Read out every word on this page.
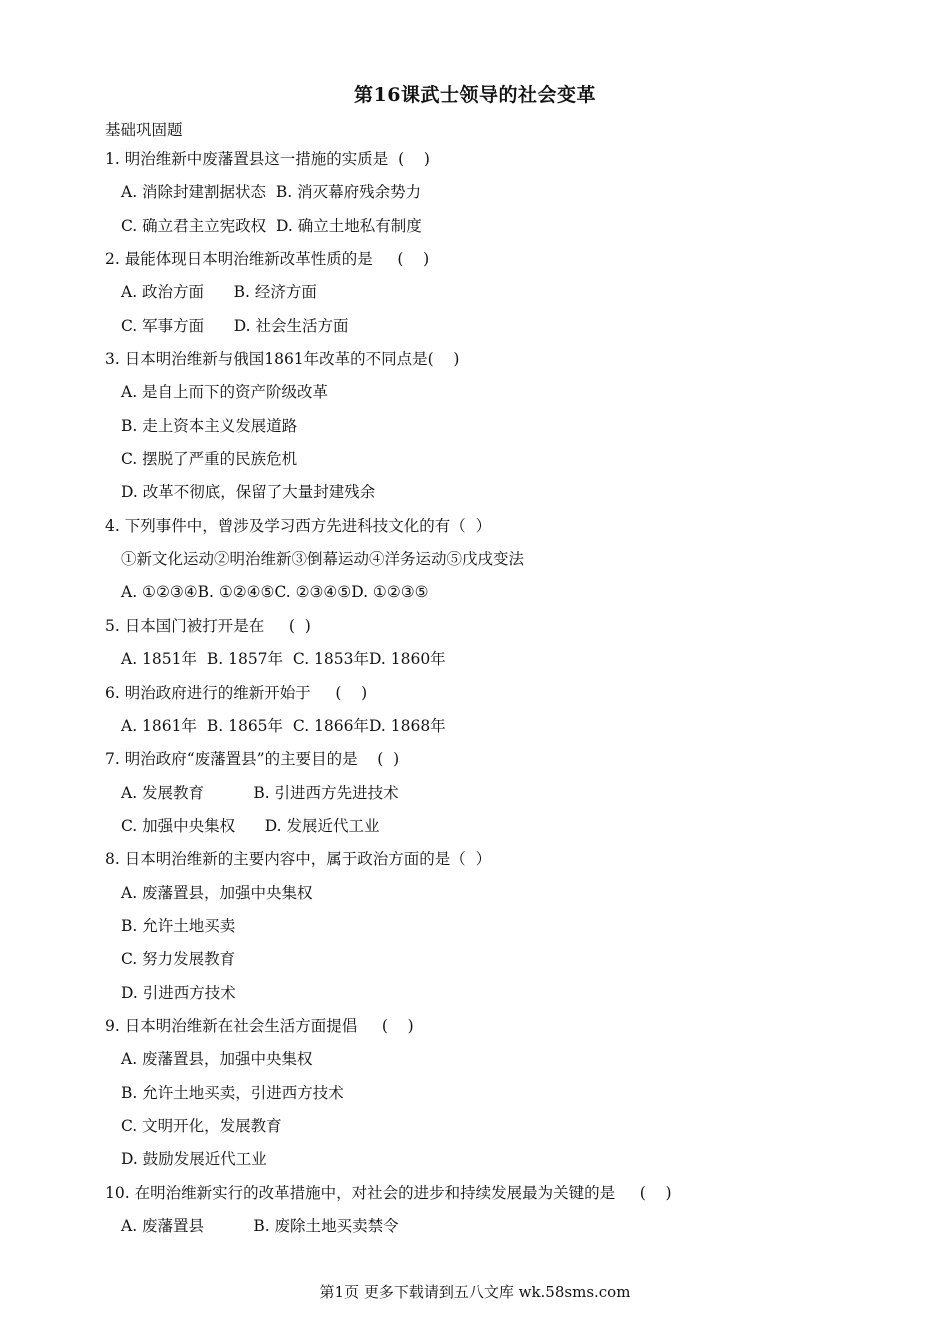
第16课武士领导的社会变革
基础巩固题
1. 明治维新中废藩置县这一措施的实质是  (    )
A. 消除封建割据状态  B. 消灭幕府残余势力
C. 确立君主立宪政权  D. 确立土地私有制度
2. 最能体现日本明治维新改革性质的是     (    )
A. 政治方面      B. 经济方面
C. 军事方面      D. 社会生活方面
3. 日本明治维新与俄国1861年改革的不同点是(    )
A. 是自上而下的资产阶级改革
B. 走上资本主义发展道路
C. 摆脱了严重的民族危机
D. 改革不彻底，保留了大量封建残余
4. 下列事件中，曾涉及学习西方先进科技文化的有（  ）
①新文化运动②明治维新③倒幕运动④洋务运动⑤戊戌变法
A. ①②③④B. ①②④⑤C. ②③④⑤D. ①②③⑤
5. 日本国门被打开是在     (  )
A. 1851年  B. 1857年  C. 1853年D. 1860年
6. 明治政府进行的维新开始于     (    )
A. 1861年  B. 1865年  C. 1866年D. 1868年
7. 明治政府“废藩置县”的主要目的是    (  )
A. 发展教育          B. 引进西方先进技术
C. 加强中央集权      D. 发展近代工业
8. 日本明治维新的主要内容中，属于政治方面的是（  ）
A. 废藩置县，加强中央集权
B. 允许土地买卖
C. 努力发展教育
D. 引进西方技术
9. 日本明治维新在社会生活方面提倡     (    )
A. 废藩置县，加强中央集权
B. 允许土地买卖，引进西方技术
C. 文明开化，发展教育
D. 鼓励发展近代工业
10. 在明治维新实行的改革措施中，对社会的进步和持续发展最为关键的是     (    )
A. 废藩置县          B. 废除土地买卖禁令
第1页 更多下载请到五八文库 wk.58sms.com
